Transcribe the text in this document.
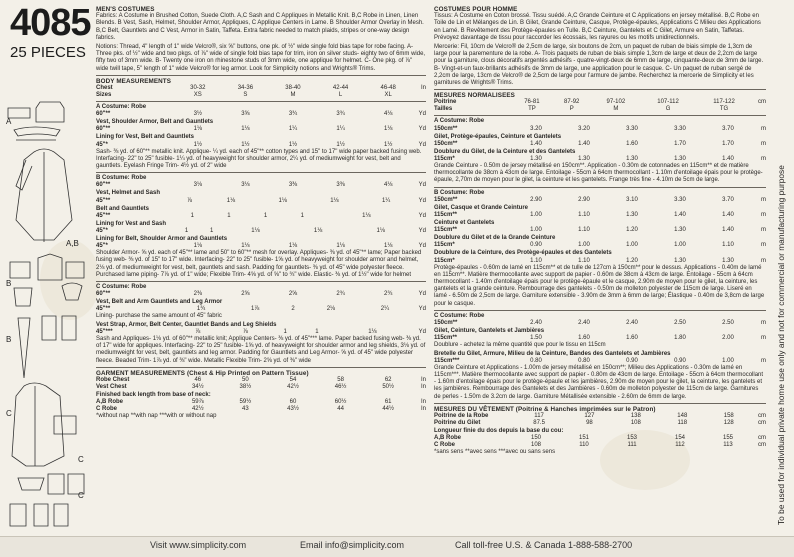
4085
25 PIECES
A
A,B
B
B
C
C
C
MEN'S COSTUMES
Fabrics: A Costume in Brushed Cotton, Suede Cloth. A,C Sash and C Appliques in Metallic Knit. B,C Robe in Linen, Linen Blends. B Vest, Sash, Helmet, Shoulder Armor, Appliques, C Applique Centers in Lame. B Shoulder Armor Overlay in Mesh. B,C Belt, Gauntlets and C Vest, Armor in Satin, Taffeta. Extra fabric needed to match plaids, stripes or one-way design fabrics.
Notions: Thread, 4" length of 1" wide Velcro®, six ⅝" buttons, one pk. of ½" wide single fold bias tape for robe facing. A- Three pks. of ½" wide and two pkgs. of ⅞" wide of single fold bias tape for trim, iron on silver studs- eighty two of 6mm wide, fifty two of 3mm wide. B- Twenty one iron on rhinestone studs of 3mm wide, one applique for helmet. C- One pkg. of ⅞" wide twill tape, 5" length of 1" wide Velcro® for leg armor. Look for Simplicity notions and Wrights® Trims.
BODY MEASUREMENTS
Chest	30-32	34-36	38-40	42-44	46-48	In
Sizes	XS	S	M	L	XL	
A Costume: Robe
60"**	3½	3⅝	3¾	3¾	4⅛	Yd
Vest, Shoulder Armor, Belt and Gauntlets
60"**	1⅛	1⅛	1¼	1¼	1⅛	Yd
Lining for Vest, Belt and Gauntlets
45"*	1½	1½	1½	1½	1½	Yd
Sash- ⅜ yd. of 60"** metallic knit. Applique- ¼ yd. each of 45"** cotton types and 15" to 17" wide paper backed fusing web. Interfacing- 22" to 25" fusible- 1¼ yd. of heavyweight for shoulder armor, 2¼ yd. of mediumweight for vest, belt and gauntlets. Eyelash Fringe Trim- 4½ yd. of 2" wide
B Costume: Robe
60"**	3⅛	3⅛	3⅜	3⅜	4⅛	Yd
Vest, Helmet and Sash
45"**	⅞	1⅛	1⅛	1⅛	1¼	Yd
Belt and Gauntlets
45"**	1	1	1	1	1⅛	Yd
Lining for Vest and Sash
45"*	1	1	1⅛	1⅛	1⅛	Yd
Lining for Belt, Shoulder Armor and Gauntlets
45"*	1⅛	1⅛	1⅛	1⅛	1⅛	Yd
Shoulder Armor- ⅝ yd. each of 45"** lame and 50" to 60"** mesh for overlay. Appliques- ⅜ yd. of 45"** lame; Paper backed fusing web- ⅜ yd. of 15" to 17" wide. Interfacing- 22" to 25" fusible- 1⅝ yd. of heavyweight for shoulder armor and helmet, 2⅛ yd. of mediumweight for vest, belt, gauntlets and sash. Padding for gauntlets- ⅜ yd. of 45" wide polyester fleece. Purchased lame piping- 7⅞ yd. of 1" wide; Flexible Trim- 4⅝ yd. of ⅝" to ¾" wide. Elastic- ⅜ yd. of 1½" wide for helmet
C Costume: Robe
60"**	2⅜	2⅝	2⅝	2¾	2¾	Yd
Vest, Belt and Arm Gauntlets and Leg Armor
45"**	1¾	1⅞	2	2⅛	2¼	Yd
Lining- purchase the same amount of 45" fabric
Vest Strap, Armor, Belt Center, Gauntlet Bands and Leg Shields
45"***	⅞	⅞	1	1	1⅛	Yd
Sash and Appliques- 1⅛ yd. of 60"** metallic knit; Applique Centers- ⅜ yd. of 45"*** lame. Paper backed fusing web- ⅜ yd. of 17" wide for appliques. Interfacing- 22" to 25" fusible- 1⅝ yd. of heavyweight for shoulder armor and leg shields, 3⅛ yd. of mediumweight for vest, belt, gauntlets and leg armor. Padding for Gauntlets and Leg Armor- ⅝ yd. of 45" wide polyester fleece. Beaded Trim- 1⅞ yd. of ⅜" wide. Metallic Flexible Trim- 2⅝ yd. of ⅜" wide
GARMENT MEASUREMENTS (Chest & Hip Printed on Pattern Tissue)
Robe Chest	46	50	54	58	62	In
Vest Chest	34½	38½	42½	46½	50½	In
Finished back length from base of neck:
A,B Robe	59⅞	59½	60	60½	61	In
C Robe	42½	43	43½	44	44½	In
*without nap **with nap ***with or without nap
COSTUMES POUR HOMME
Tissus: A Costume en Coton brossé. Tissu suédé. A,C Grande Ceinture et C Applications en jersey métallisé. B,C Robe en Toile de Lin et Mélanges de Lin. B Gilet, Grande Ceinture, Casque, Protège-épaules, Applications C Milieu des Applications en Lamé. B Revêtement des Protège-épaules en Tulle. B,C Ceinture, Gantelets et C Gilet, Armure en Satin, Taffetas. Prévoyez davantage de tissu pour raccorder les écossais, les rayures ou les motifs unidirectionnels.
Mercerie: Fil, 10cm de Velcro® de 2,5cm de large, six boutons de 2cm, un paquet de ruban de biais simple de 1,3cm de large pour la parementure de la robe. A- Trois paquets de ruban de biais simple 1,3cm de large et deux de 2,2cm de large pour la garniture, clous décoratifs argentés adhésifs - quatre-vingt-deux de 6mm de large, cinquante-deux de 3mm de large. B- Vingt-et-un faux-brillants adhésifs de 3mm de large, une application pour le casque. C- Un paquet de ruban sergé de 2,2cm de large, 13cm de Velcro® de 2,5cm de large pour l'armure de jambe. Recherchez la mercerie de Simplicity et les garnitures de Wrights® Trims.
MESURES NORMALISEES
Poitrine	76-81	87-92	97-102	107-112	117-122	cm
Tailles	TP	P	M	G	TG	
A Costume: Robe
150cm**	3.20	3.20	3.30	3.30	3.70	m
Gilet, Protège-épaules, Ceinture et Gantelets
150cm**	1.40	1.40	1.60	1.70	1.70	m
Doublure du Gilet, de la Ceinture et des Gantelets
115cm*	1.30	1.30	1.30	1.30	1.40	m
Grande Ceinture - 0.50m de jersey métallisé en 150cm**. Application - 0.30m de cotonnades en 115cm** et de matière thermocollante de 38cm à 43cm de large. Entoilage - 55cm à 64cm thermocollant - 1.10m d'entoilage épais pour le protège-épaule, 2,70m de moyen pour le gilet, la ceinture et les gantelets. Frange très fine - 4.10m de 5cm de large.
B Costume: Robe
150cm**	2.90	2.90	3.10	3.30	3.70	m
Gilet, Casque et Grande Ceinture
115cm**	1.00	1.10	1.30	1.40	1.40	m
Ceinture et Gantelets
115cm**	1.00	1.10	1.20	1.30	1.40	m
Doublure du Gilet et de la Grande Ceinture
115cm*	0.90	1.00	1.00	1.00	1.10	m
Doublure de la Ceinture, des Protège-épaules et des Gantelets
115cm*	1.10	1.10	1.20	1.30	1.30	m
Protège-épaules - 0.60m de lamé en 115cm** et de tulle de 127cm à 150cm** pour le dessus. Applications - 0.40m de lamé en 115cm**. Matière thermocollante avec support de papier - 0.60m de 38cm à 43cm de large. Entoilage - 55cm à 64cm thermocollant - 1.40m d'entoilage épais pour le protège-épaule et le casque, 2.90m de moyen pour le gilet, la ceinture, les gantelets et la grande ceinture. Rembourrage des gantelets - 0.50m de molleton polyester de 115cm de large. Liseré en lamé - 6.50m de 2,5cm de large. Garniture extensible - 3.90m de 3mm à 6mm de large; Élastique - 0.40m de 3,8cm de large pour le casque.
C Costume: Robe
150cm**	2.40	2.40	2.40	2.50	2.50	m
Gilet, Ceinture, Gantelets et Jambières
115cm**	1.50	1.60	1.60	1.80	2.00	m
Doublure - achetez la même quantité que pour le tissu en 115cm
Bretelle du Gilet, Armure, Milieu de la Ceinture, Bandes des Gantelets et Jambières
115cm***	0.80	0.80	0.90	0.90	1.00	m
Grande Ceinture et Applications - 1.00m de jersey métallisé en 150cm**; Milieu des Applications - 0.30m de lamé en 115cm***. Matière thermocollante avec support de papier - 0.80m de 43cm de large. Entoilage - 55cm à 64cm thermocollant - 1.60m d'entoilage épais pour le protège-épaule et les jambières, 2.90m de moyen pour le gilet, la ceinture, les gantelets et les jambières. Rembourrage des Gantelets et des Jambières - 0.60m de molleton polyester de 115cm de large. Garnitures de perles - 1.50m de 3.2cm de large. Garniture Métallisée extensible - 2.60m de 6mm de large.
MESURES DU VÊTEMENT (Poitrine & Hanches imprimées sur le Patron)
Poitrine de la Robe	117	127	138	148	158	cm
Poitrine du Gilet	87.5	98	108	118	128	cm
Longueur finie du dos depuis la base du cou:
A,B Robe	150	151	153	154	155	cm
C Robe	108	110	111	112	113	cm
*sans sens **avec sens ***avec ou sans sens	To be used for individual private home use only and not for commercial or manufacturing purpose
Visit www.simplicity.com	Email info@simplicity.com	Call toll-free U.S. & Canada 1-888-588-2700
